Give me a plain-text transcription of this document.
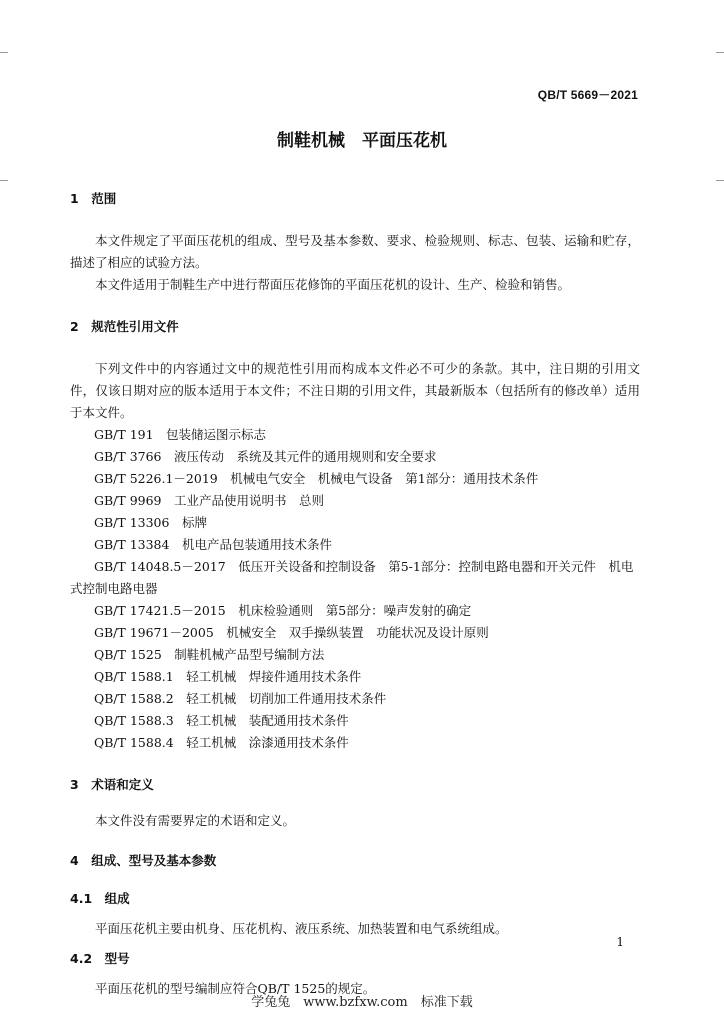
QB/T 5669－2021
制鞋机械　平面压花机
1　范围
本文件规定了平面压花机的组成、型号及基本参数、要求、检验规则、标志、包装、运输和贮存，描述了相应的试验方法。
本文件适用于制鞋生产中进行帮面压花修饰的平面压花机的设计、生产、检验和销售。
2　规范性引用文件
下列文件中的内容通过文中的规范性引用而构成本文件必不可少的条款。其中，注日期的引用文件，仅该日期对应的版本适用于本文件；不注日期的引用文件，其最新版本（包括所有的修改单）适用于本文件。
GB/T 191　包装储运图示标志
GB/T 3766　液压传动　系统及其元件的通用规则和安全要求
GB/T 5226.1－2019　机械电气安全　机械电气设备　第1部分：通用技术条件
GB/T 9969　工业产品使用说明书　总则
GB/T 13306　标牌
GB/T 13384　机电产品包装通用技术条件
GB/T 14048.5－2017　低压开关设备和控制设备　第5-1部分：控制电路电器和开关元件　机电式控制电路电器
GB/T 17421.5－2015　机床检验通则　第5部分：噪声发射的确定
GB/T 19671－2005　机械安全　双手操纵装置　功能状况及设计原则
QB/T 1525　制鞋机械产品型号编制方法
QB/T 1588.1　轻工机械　焊接件通用技术条件
QB/T 1588.2　轻工机械　切削加工件通用技术条件
QB/T 1588.3　轻工机械　装配通用技术条件
QB/T 1588.4　轻工机械　涂漆通用技术条件
3　术语和定义
本文件没有需要界定的术语和定义。
4　组成、型号及基本参数
4.1　组成
平面压花机主要由机身、压花机构、液压系统、加热装置和电气系统组成。
4.2　型号
平面压花机的型号编制应符合QB/T 1525的规定。
1
学兔兔　www.bzfxw.com　标准下载
